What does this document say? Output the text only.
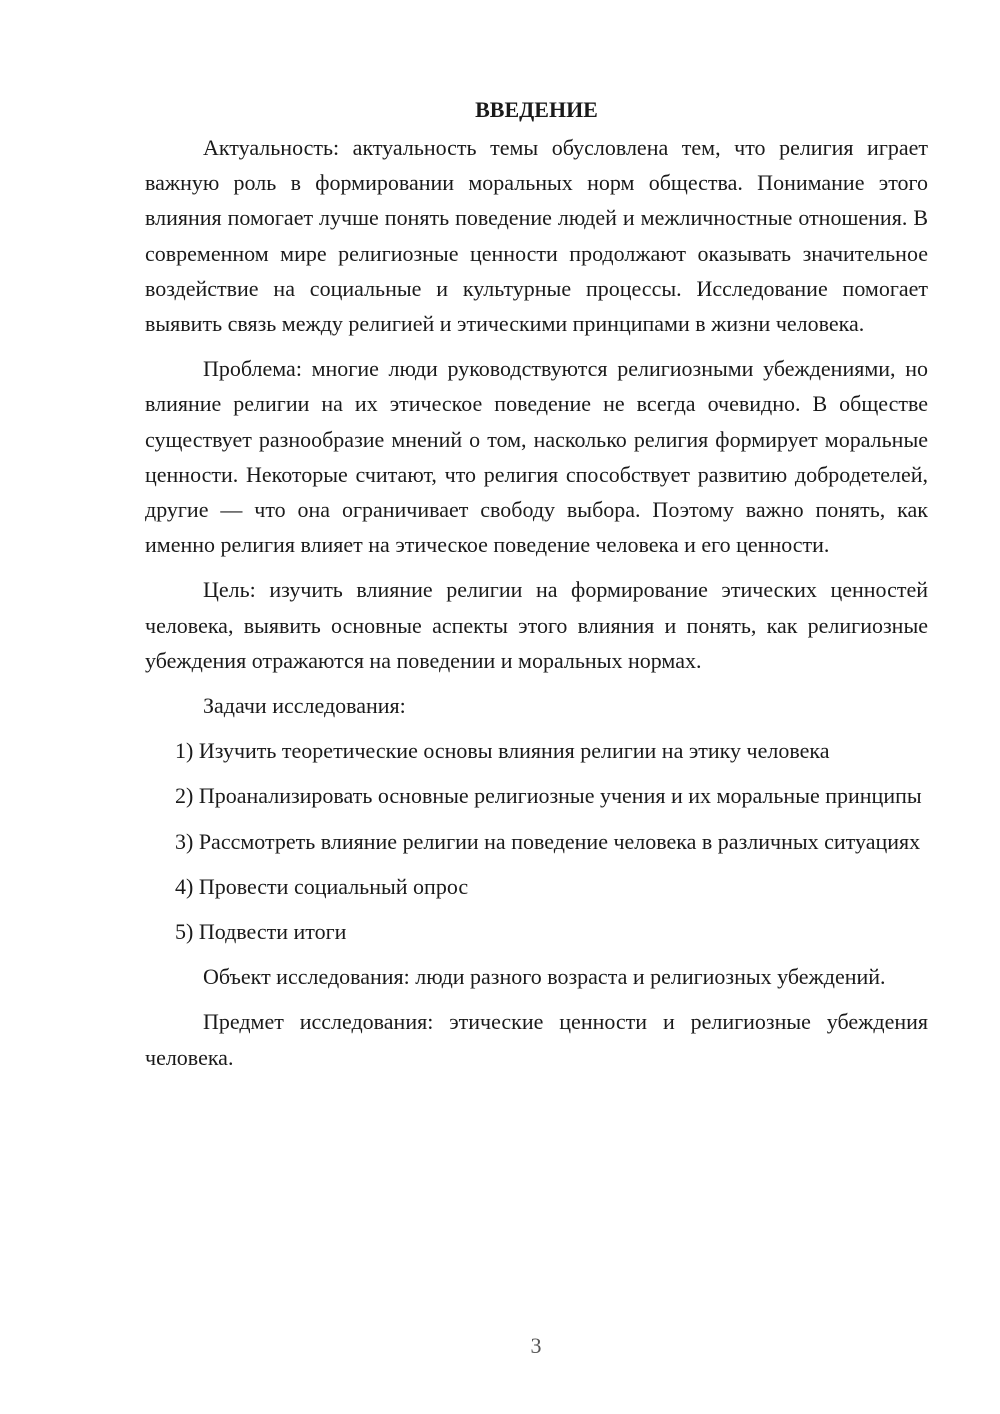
ВВЕДЕНИЕ

Актуальность: актуальность темы обусловлена тем, что религия играет важную роль в формировании моральных норм общества. Понимание этого влияния помогает лучше понять поведение людей и межличностные отношения. В современном мире религиозные ценности продолжают оказывать значительное воздействие на социальные и культурные процессы. Исследование помогает выявить связь между религией и этическими принципами в жизни человека.

Проблема: многие люди руководствуются религиозными убеждениями, но влияние религии на их этическое поведение не всегда очевидно. В обществе существует разнообразие мнений о том, насколько религия формирует моральные ценности. Некоторые считают, что религия способствует развитию добродетелей, другие — что она ограничивает свободу выбора. Поэтому важно понять, как именно религия влияет на этическое поведение человека и его ценности.

Цель: изучить влияние религии на формирование этических ценностей человека, выявить основные аспекты этого влияния и понять, как религиозные убеждения отражаются на поведении и моральных нормах.

Задачи исследования:

1) Изучить теоретические основы влияния религии на этику человека

2) Проанализировать основные религиозные учения и их моральные принципы

3) Рассмотреть влияние религии на поведение человека в различных ситуациях

4) Провести социальный опрос

5) Подвести итоги

Объект исследования: люди разного возраста и религиозных убеждений.

Предмет исследования: этические ценности и религиозные убеждения человека.

3
